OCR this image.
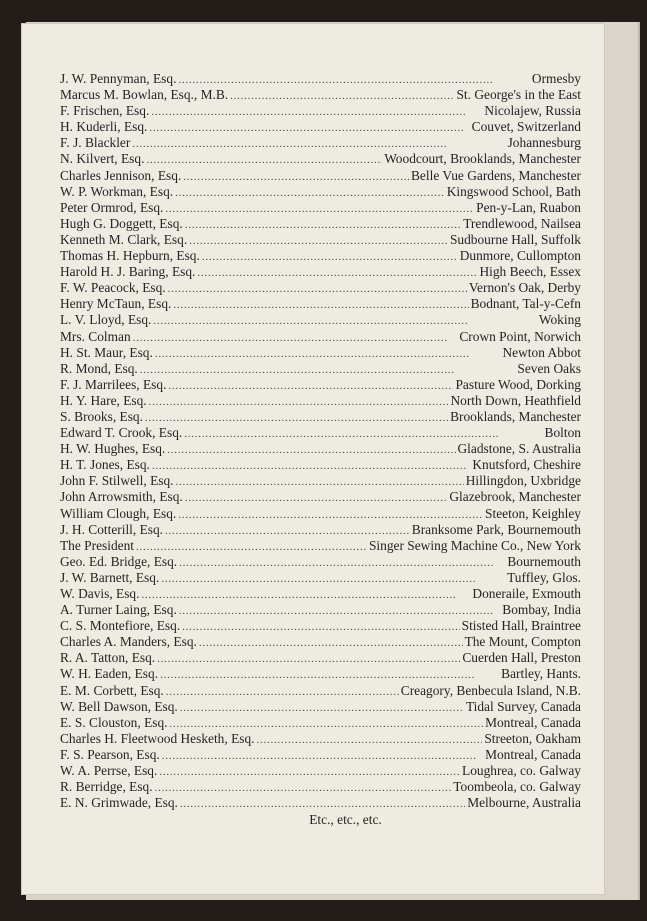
J. W. Pennyman, Esq. . . .	Ormesby
Marcus M. Bowlan, Esq., M.B. . . .	St. George's in the East
F. Frischen, Esq. . . .	Nicolajew, Russia
H. Kuderli, Esq. . . .	Couvet, Switzerland
F. J. Blackler . . .	Johannesburg
N. Kilvert, Esq. . . .	Woodcourt, Brooklands, Manchester
Charles Jennison, Esq. . . .	Belle Vue Gardens, Manchester
W. P. Workman, Esq. . . .	Kingswood School, Bath
Peter Ormrod, Esq. . . .	Pen-y-Lan, Ruabon
Hugh G. Doggett, Esq. . . .	Trendlewood, Nailsea
Kenneth M. Clark, Esq. . . .	Sudbourne Hall, Suffolk
Thomas H. Hepburn, Esq. . . .	Dunmore, Cullompton
Harold H. J. Baring, Esq. . . .	High Beech, Essex
F. W. Peacock, Esq. . . .	Vernon's Oak, Derby
Henry McTaun, Esq. . . .	Bodnant, Tal-y-Cefn
L. V. Lloyd, Esq. . . .	Woking
Mrs. Colman . . .	Crown Point, Norwich
H. St. Maur, Esq. . . .	Newton Abbot
R. Mond, Esq. . . .	Seven Oaks
F. J. Marrilees, Esq. . . .	Pasture Wood, Dorking
H. Y. Hare, Esq. . . .	North Down, Heathfield
S. Brooks, Esq. . . .	Brooklands, Manchester
Edward T. Crook, Esq. . . .	Bolton
H. W. Hughes, Esq. . . .	Gladstone, S. Australia
H. T. Jones, Esq. . . .	Knutsford, Cheshire
John F. Stilwell, Esq. . . .	Hillingdon, Uxbridge
John Arrowsmith, Esq. . . .	Glazebrook, Manchester
William Clough, Esq. . . .	Steeton, Keighley
J. H. Cotterill, Esq. . . .	Branksome Park, Bournemouth
The President . . .	Singer Sewing Machine Co., New York
Geo. Ed. Bridge, Esq. . . .	Bournemouth
J. W. Barnett, Esq. . . .	Tuffley, Glos.
W. Davis, Esq. . . .	Doneraile, Exmouth
A. Turner Laing, Esq. . . .	Bombay, India
C. S. Montefiore, Esq. . . .	Stisted Hall, Braintree
Charles A. Manders, Esq. . . .	The Mount, Compton
R. A. Tatton, Esq. . . .	Cuerden Hall, Preston
W. H. Eaden, Esq. . . .	Bartley, Hants.
E. M. Corbett, Esq. . . .	Creagory, Benbecula Island, N.B.
W. Bell Dawson, Esq. . . .	Tidal Survey, Canada
E. S. Clouston, Esq. . . .	Montreal, Canada
Charles H. Fleetwood Hesketh, Esq. . . .	Streeton, Oakham
F. S. Pearson, Esq. . . .	Montreal, Canada
W. A. Perrse, Esq. . . .	Loughrea, co. Galway
R. Berridge, Esq. . . .	Toombeola, co. Galway
E. N. Grimwade, Esq. . . .	Melbourne, Australia
Etc., etc., etc.
